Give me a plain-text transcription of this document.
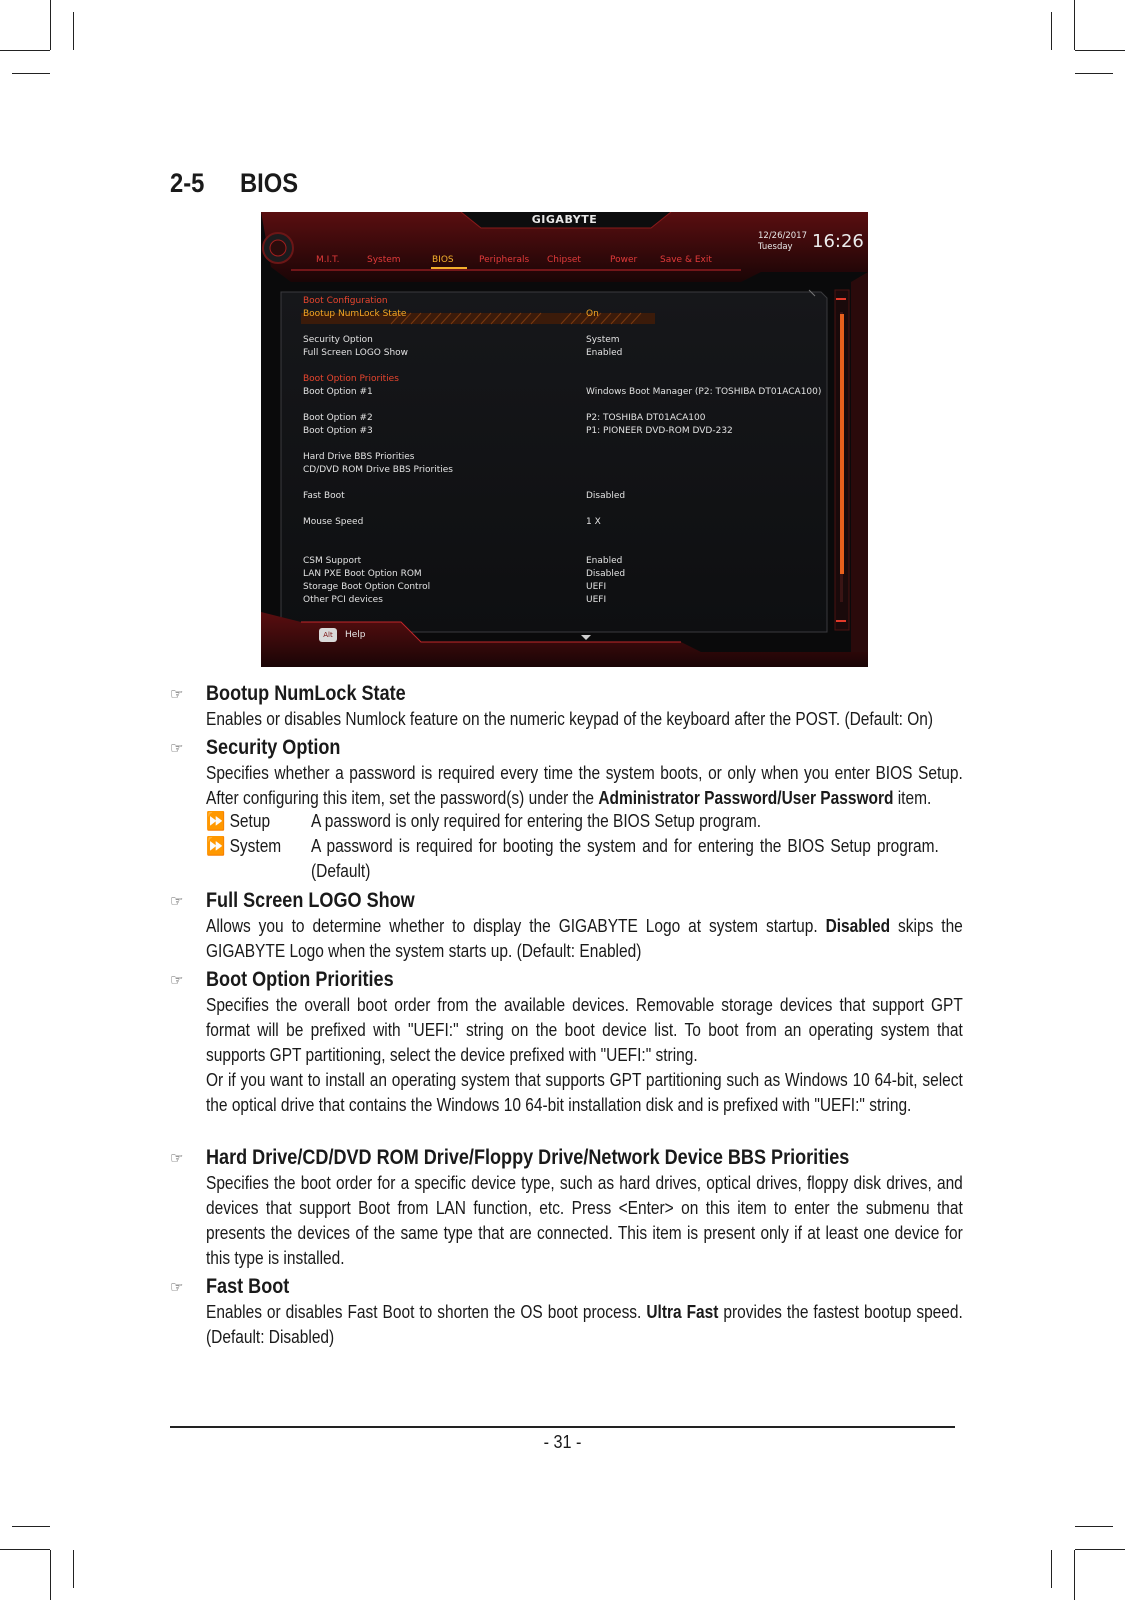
2-5 BIOS
GIGABYTE
12/26/2017
Tuesday	16:26
M.I.T.	System	BIOS	Peripherals Chipset	Power	Save & Exit
Boot Configuration
Bootup NumLock State	On
Security Option	System
Full Screen LOGO Show	Enabled
Boot Option Priorities
Boot Option #1	Windows Boot Manager (P2: TOSHIBA DT01ACA100)
Boot Option #2	P2: TOSHIBA DT01ACA100
Boot Option #3	P1: PIONEER DVD-ROM DVD-232
Hard Drive BBS Priorities
CD/DVD ROM Drive BBS Priorities
Fast Boot	Disabled
Mouse Speed	1 X
CSM Support	Enabled
LAN PXE Boot Option ROM	Disabled
Storage Boot Option Control	UEFI
Other PCI devices	UEFI
Alt	Help
☞ Bootup NumLock State

Enables or disables Numlock feature on the numeric keypad of the keyboard after the POST. (Default: On)

☞ Security Option

Specifies whether a password is required every time the system boots, or only when you enter BIOS Setup. After configuring this item, set the password(s) under the Administrator Password/User Password item.

⏩ Setup A password is only required for entering the BIOS Setup program.
⏩ System A password is required for booting the system and for entering the BIOS Setup program. (Default)
☞ Full Screen LOGO Show

Allows you to determine whether to display the GIGABYTE Logo at system startup. Disabled skips the GIGABYTE Logo when the system starts up. (Default: Enabled)

☞ Boot Option Priorities

Specifies the overall boot order from the available devices. Removable storage devices that support GPT format will be prefixed with "UEFI:" string on the boot device list. To boot from an operating system that supports GPT partitioning, select the device prefixed with "UEFI:" string.

Or if you want to install an operating system that supports GPT partitioning such as Windows 10 64-bit, select the optical drive that contains the Windows 10 64-bit installation disk and is prefixed with "UEFI:" string.

☞ Hard Drive/CD/DVD ROM Drive/Floppy Drive/Network Device BBS Priorities

Specifies the boot order for a specific device type, such as hard drives, optical drives, floppy disk drives, and devices that support Boot from LAN function, etc. Press <Enter> on this item to enter the submenu that presents the devices of the same type that are connected. This item is present only if at least one device for this type is installed.

☞ Fast Boot

Enables or disables Fast Boot to shorten the OS boot process. Ultra Fast provides the fastest bootup speed. (Default: Disabled)

- 31 -
